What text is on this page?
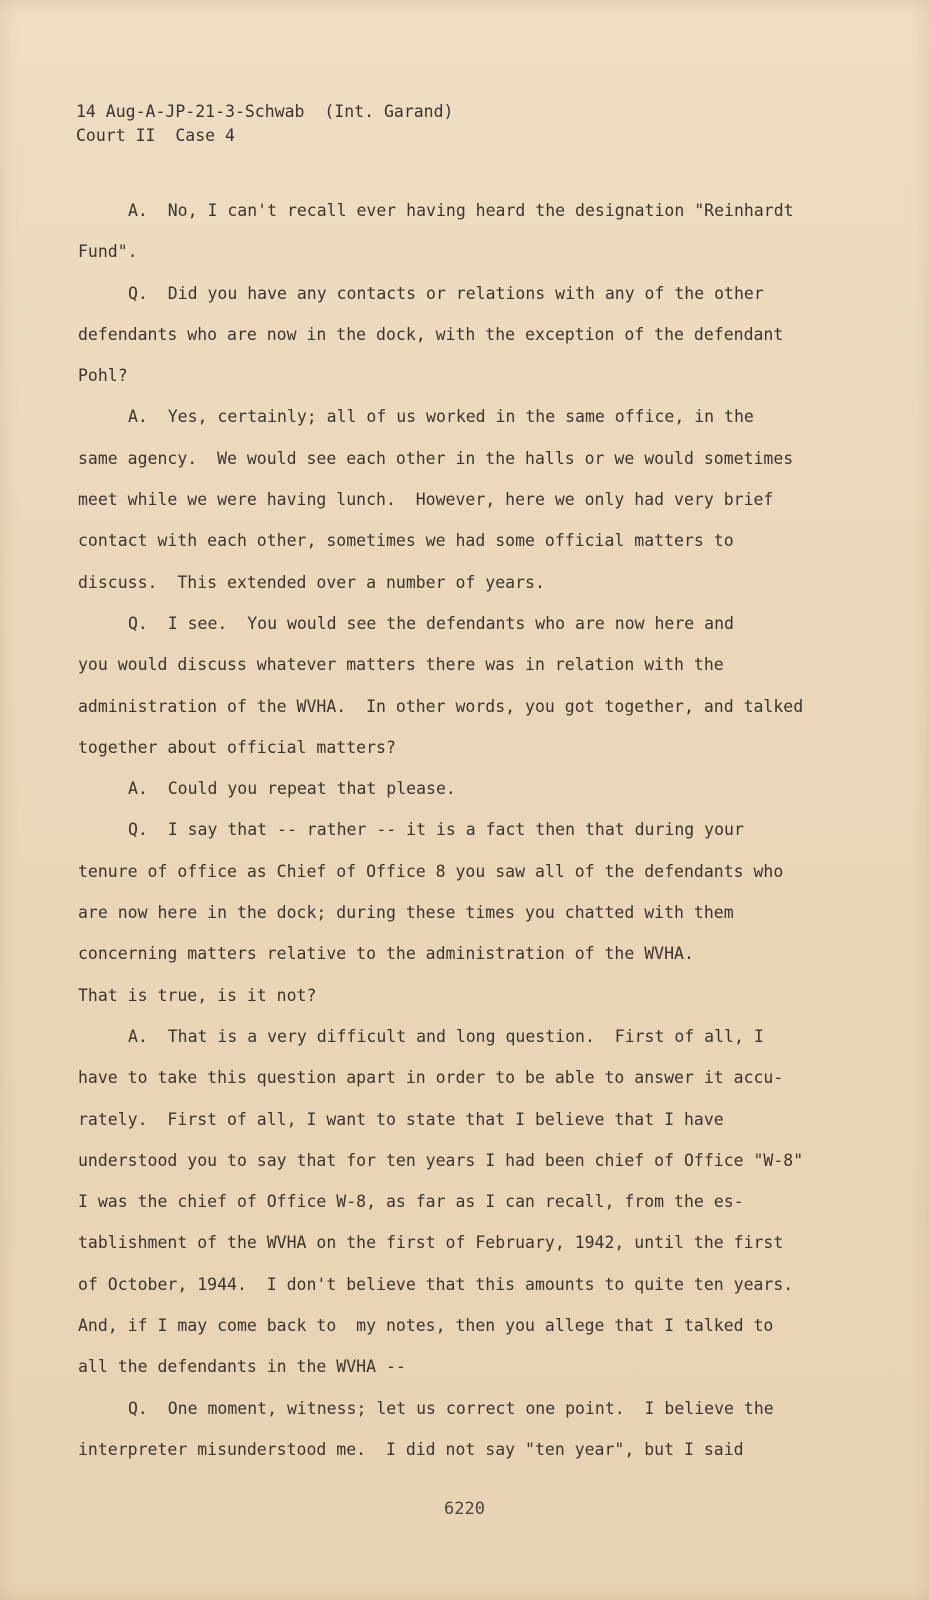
14 Aug-A-JP-21-3-Schwab  (Int. Garand)
Court II  Case 4
A.  No, I can't recall ever having heard the designation "Reinhardt
Fund".
Q.  Did you have any contacts or relations with any of the other
defendants who are now in the dock, with the exception of the defendant
Pohl?
A.  Yes, certainly; all of us worked in the same office, in the
same agency.  We would see each other in the halls or we would sometimes
meet while we were having lunch.  However, here we only had very brief
contact with each other, sometimes we had some official matters to
discuss.  This extended over a number of years.
Q.  I see.  You would see the defendants who are now here and
you would discuss whatever matters there was in relation with the
administration of the WVHA.  In other words, you got together, and talked
together about official matters?
A.  Could you repeat that please.
Q.  I say that -- rather -- it is a fact then that during your
tenure of office as Chief of Office 8 you saw all of the defendants who
are now here in the dock; during these times you chatted with them
concerning matters relative to the administration of the WVHA.
That is true, is it not?
A.  That is a very difficult and long question.  First of all, I
have to take this question apart in order to be able to answer it accu-
rately.  First of all, I want to state that I believe that I have
understood you to say that for ten years I had been chief of Office "W-8"
I was the chief of Office W-8, as far as I can recall, from the es-
tablishment of the WVHA on the first of February, 1942, until the first
of October, 1944.  I don't believe that this amounts to quite ten years.
And, if I may come back to  my notes, then you allege that I talked to
all the defendants in the WVHA --
Q.  One moment, witness; let us correct one point.  I believe the
interpreter misunderstood me.  I did not say "ten year", but I said
6220
